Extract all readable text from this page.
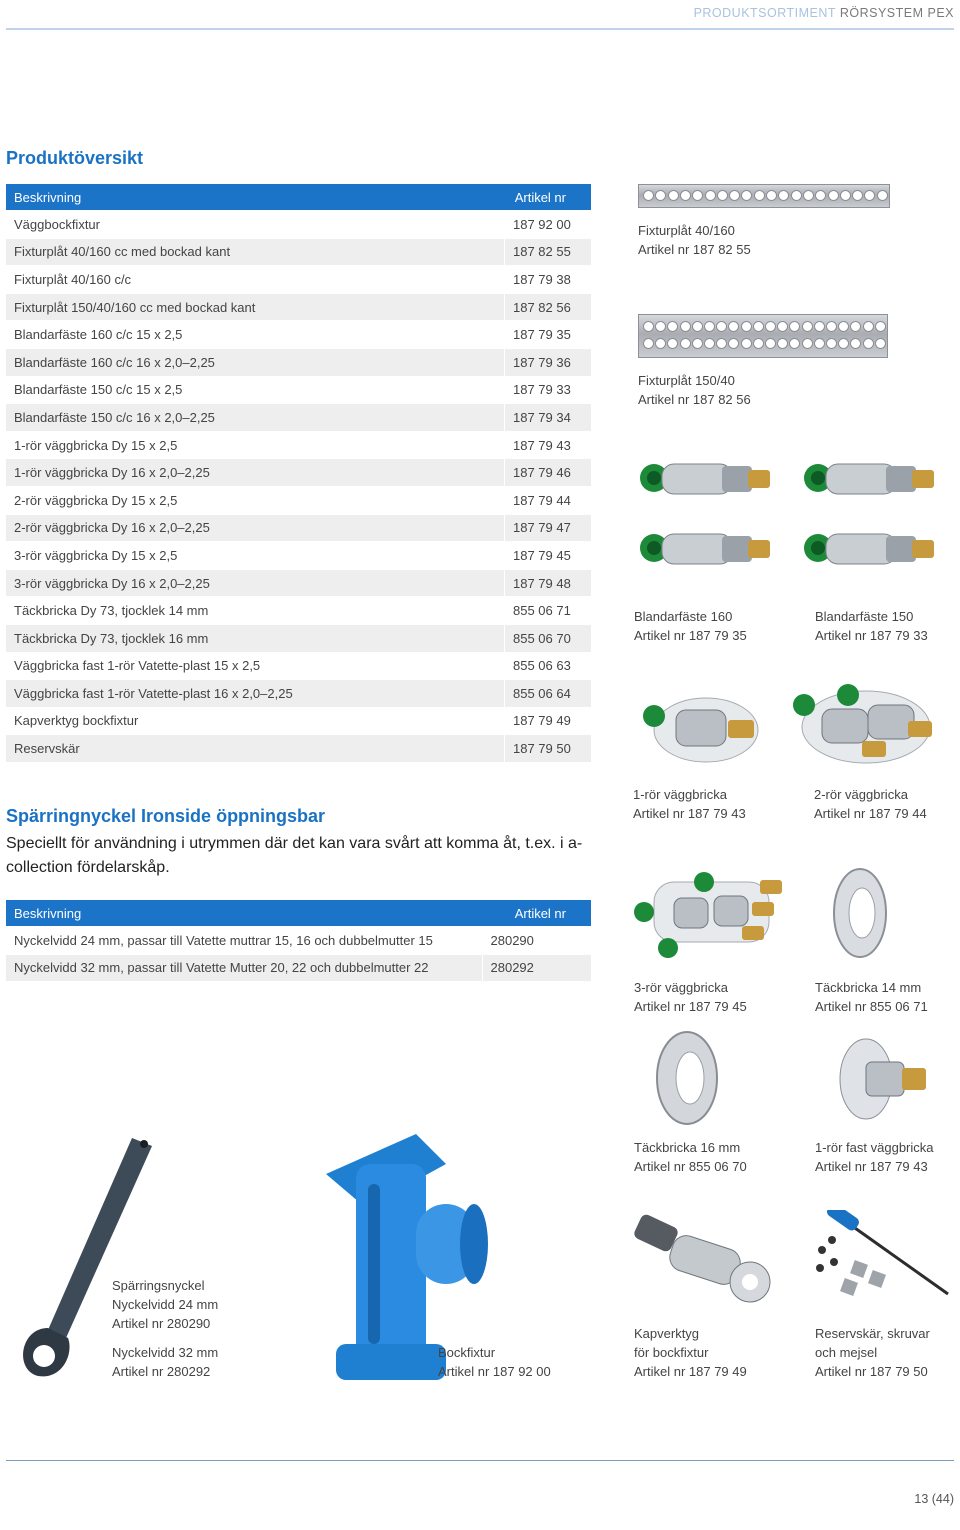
PRODUKTSORTIMENT RÖRSYSTEM PEX
Produktöversikt
Beskrivning	Artikel nr
Väggbockfixtur	187 92 00
Fixturplåt 40/160 cc med bockad kant	187 82 55
Fixturplåt 40/160 c/c	187 79 38
Fixturplåt 150/40/160 cc med bockad kant	187 82 56
Blandarfäste 160 c/c 15 x 2,5	187 79 35
Blandarfäste 160 c/c 16 x 2,0–2,25	187 79 36
Blandarfäste 150 c/c 15 x 2,5	187 79 33
Blandarfäste 150 c/c 16 x 2,0–2,25	187 79 34
1-rör väggbricka Dy 15 x 2,5	187 79 43
1-rör väggbricka Dy 16 x 2,0–2,25	187 79 46
2-rör väggbricka Dy 15 x 2,5	187 79 44
2-rör väggbricka Dy 16 x 2,0–2,25	187 79 47
3-rör väggbricka Dy 15 x 2,5	187 79 45
3-rör väggbricka Dy 16 x 2,0–2,25	187 79 48
Täckbricka Dy 73, tjocklek 14 mm	855 06 71
Täckbricka Dy 73, tjocklek 16 mm	855 06 70
Väggbricka fast 1-rör Vatette-plast 15 x 2,5	855 06 63
Väggbricka fast 1-rör Vatette-plast 16 x 2,0–2,25	855 06 64
Kapverktyg bockfixtur	187 79 49
Reservskär	187 79 50
Spärringnyckel Ironside öppningsbar
Speciellt för användning i utrymmen där det kan vara svårt att komma åt, t.ex. i a-collection fördelarskåp.
Beskrivning	Artikel nr
Nyckelvidd 24 mm, passar till Vatette muttrar 15, 16 och dubbelmutter 15	280290
Nyckelvidd 32 mm, passar till Vatette Mutter 20, 22 och dubbelmutter 22	280292
Fixturplåt 40/160
Artikel nr 187 82 55
Fixturplåt 150/40
Artikel nr 187 82 56
Blandarfäste 160
Artikel nr 187 79 35
Blandarfäste 150
Artikel nr 187 79 33
1-rör väggbricka
Artikel nr 187 79 43
2-rör väggbricka
Artikel nr 187 79 44
3-rör väggbricka
Artikel nr 187 79 45
Täckbricka 14 mm
Artikel nr 855 06 71
Täckbricka 16 mm
Artikel nr 855 06 70
1-rör fast väggbricka
Artikel nr 187 79 43
Kapverktyg
för bockfixtur
Artikel nr 187 79 49
Reservskär, skruvar
och mejsel
Artikel nr 187 79 50
Spärringsnyckel
Nyckelvidd 24 mm
Artikel nr 280290
Nyckelvidd 32 mm
Artikel nr 280292
Bockfixtur
Artikel nr 187 92 00
13 (44)
